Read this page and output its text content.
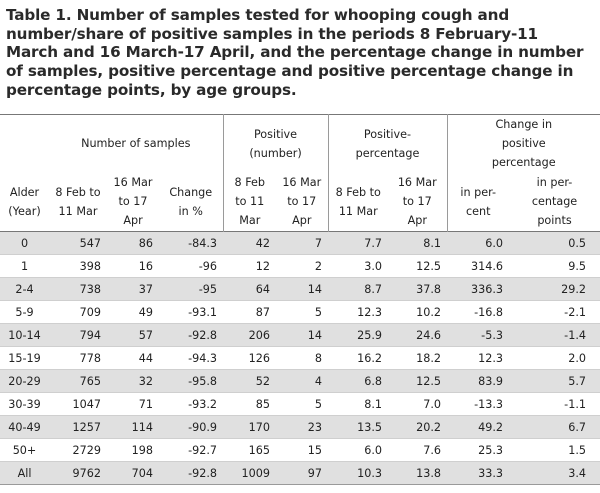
Table 1. Number of samples tested for whooping cough and number/share of positive samples in the periods 8 February-11 March and 16 March-17 April, and the percentage change in number of samples, positive percentage and positive percentage change in percentage points, by age groups.

	Number of samples			Positive (number)		Positive-percentage		Change in positive percentage	

Alder (Year)	8 Feb to 11 Mar	16 Mar to 17 Apr	Change in %	8 Feb to 11 Mar	16 Mar to 17 Apr	8 Feb to 11 Mar	16 Mar to 17 Apr	in per-cent	in per-centage points

0	547	86	-84.3	42	7	7.7	8.1	6.0	0.5
1	398	16	-96	12	2	3.0	12.5	314.6	9.5
2-4	738	37	-95	64	14	8.7	37.8	336.3	29.2
5-9	709	49	-93.1	87	5	12.3	10.2	-16.8	-2.1
10-14	794	57	-92.8	206	14	25.9	24.6	-5.3	-1.4
15-19	778	44	-94.3	126	8	16.2	18.2	12.3	2.0
20-29	765	32	-95.8	52	4	6.8	12.5	83.9	5.7
30-39	1047	71	-93.2	85	5	8.1	7.0	-13.3	-1.1
40-49	1257	114	-90.9	170	23	13.5	20.2	49.2	6.7
50+	2729	198	-92.7	165	15	6.0	7.6	25.3	1.5
All	9762	704	-92.8	1009	97	10.3	13.8	33.3	3.4
